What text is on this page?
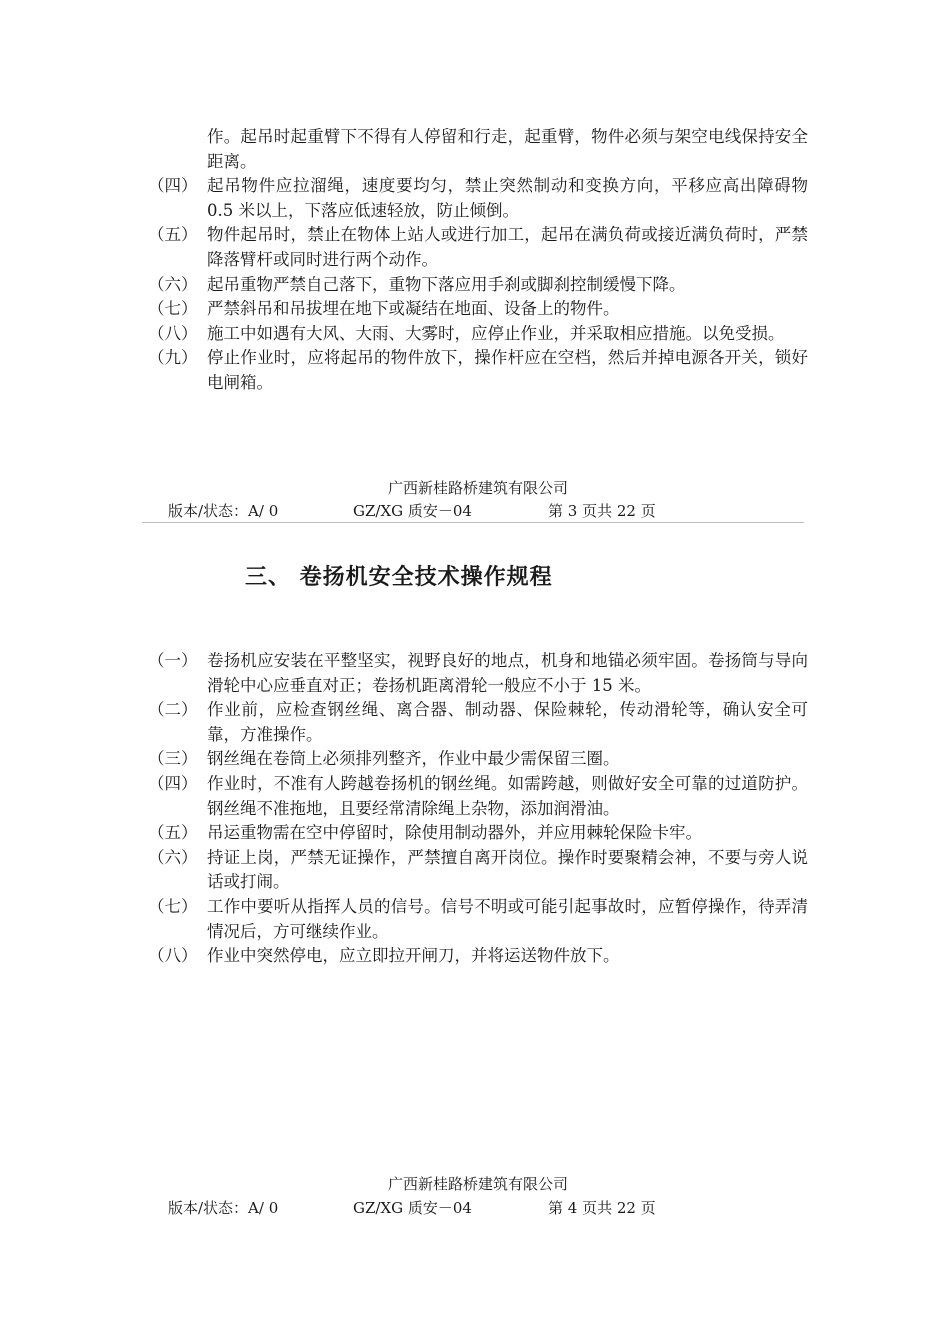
作。起吊时起重臂下不得有人停留和行走，起重臂，物件必须与架空电线保持安全距离。
（四） 起吊物件应拉溜绳，速度要均匀，禁止突然制动和变换方向，平移应高出障碍物 0.5 米以上，下落应低速轻放，防止倾倒。
（五） 物件起吊时，禁止在物体上站人或进行加工，起吊在满负荷或接近满负荷时，严禁降落臂杆或同时进行两个动作。
（六） 起吊重物严禁自己落下，重物下落应用手刹或脚刹控制缓慢下降。
（七） 严禁斜吊和吊拔埋在地下或凝结在地面、设备上的物件。
（八） 施工中如遇有大风、大雨、大雾时，应停止作业，并采取相应措施。以免受损。
（九） 停止作业时，应将起吊的物件放下，操作杆应在空档，然后并掉电源各开关，锁好电闸箱。
广西新桂路桥建筑有限公司
版本/状态：A/ 0	GZ/XG 质安－04	第 3 页共 22 页
三、 卷扬机安全技术操作规程
（一） 卷扬机应安装在平整坚实，视野良好的地点，机身和地锚必须牢固。卷扬筒与导向滑轮中心应垂直对正；卷扬机距离滑轮一般应不小于 15 米。
（二） 作业前，应检查钢丝绳、离合器、制动器、保险棘轮，传动滑轮等，确认安全可靠，方准操作。
（三） 钢丝绳在卷筒上必须排列整齐，作业中最少需保留三圈。
（四） 作业时，不准有人跨越卷扬机的钢丝绳。如需跨越，则做好安全可靠的过道防护。钢丝绳不准拖地，且要经常清除绳上杂物，添加润滑油。
（五） 吊运重物需在空中停留时，除使用制动器外，并应用棘轮保险卡牢。
（六） 持证上岗，严禁无证操作，严禁擅自离开岗位。操作时要聚精会神，不要与旁人说话或打闹。
（七） 工作中要听从指挥人员的信号。信号不明或可能引起事故时，应暂停操作，待弄清情况后，方可继续作业。
（八） 作业中突然停电，应立即拉开闸刀，并将运送物件放下。
广西新桂路桥建筑有限公司
版本/状态：A/ 0	GZ/XG 质安－04	第 4 页共 22 页
